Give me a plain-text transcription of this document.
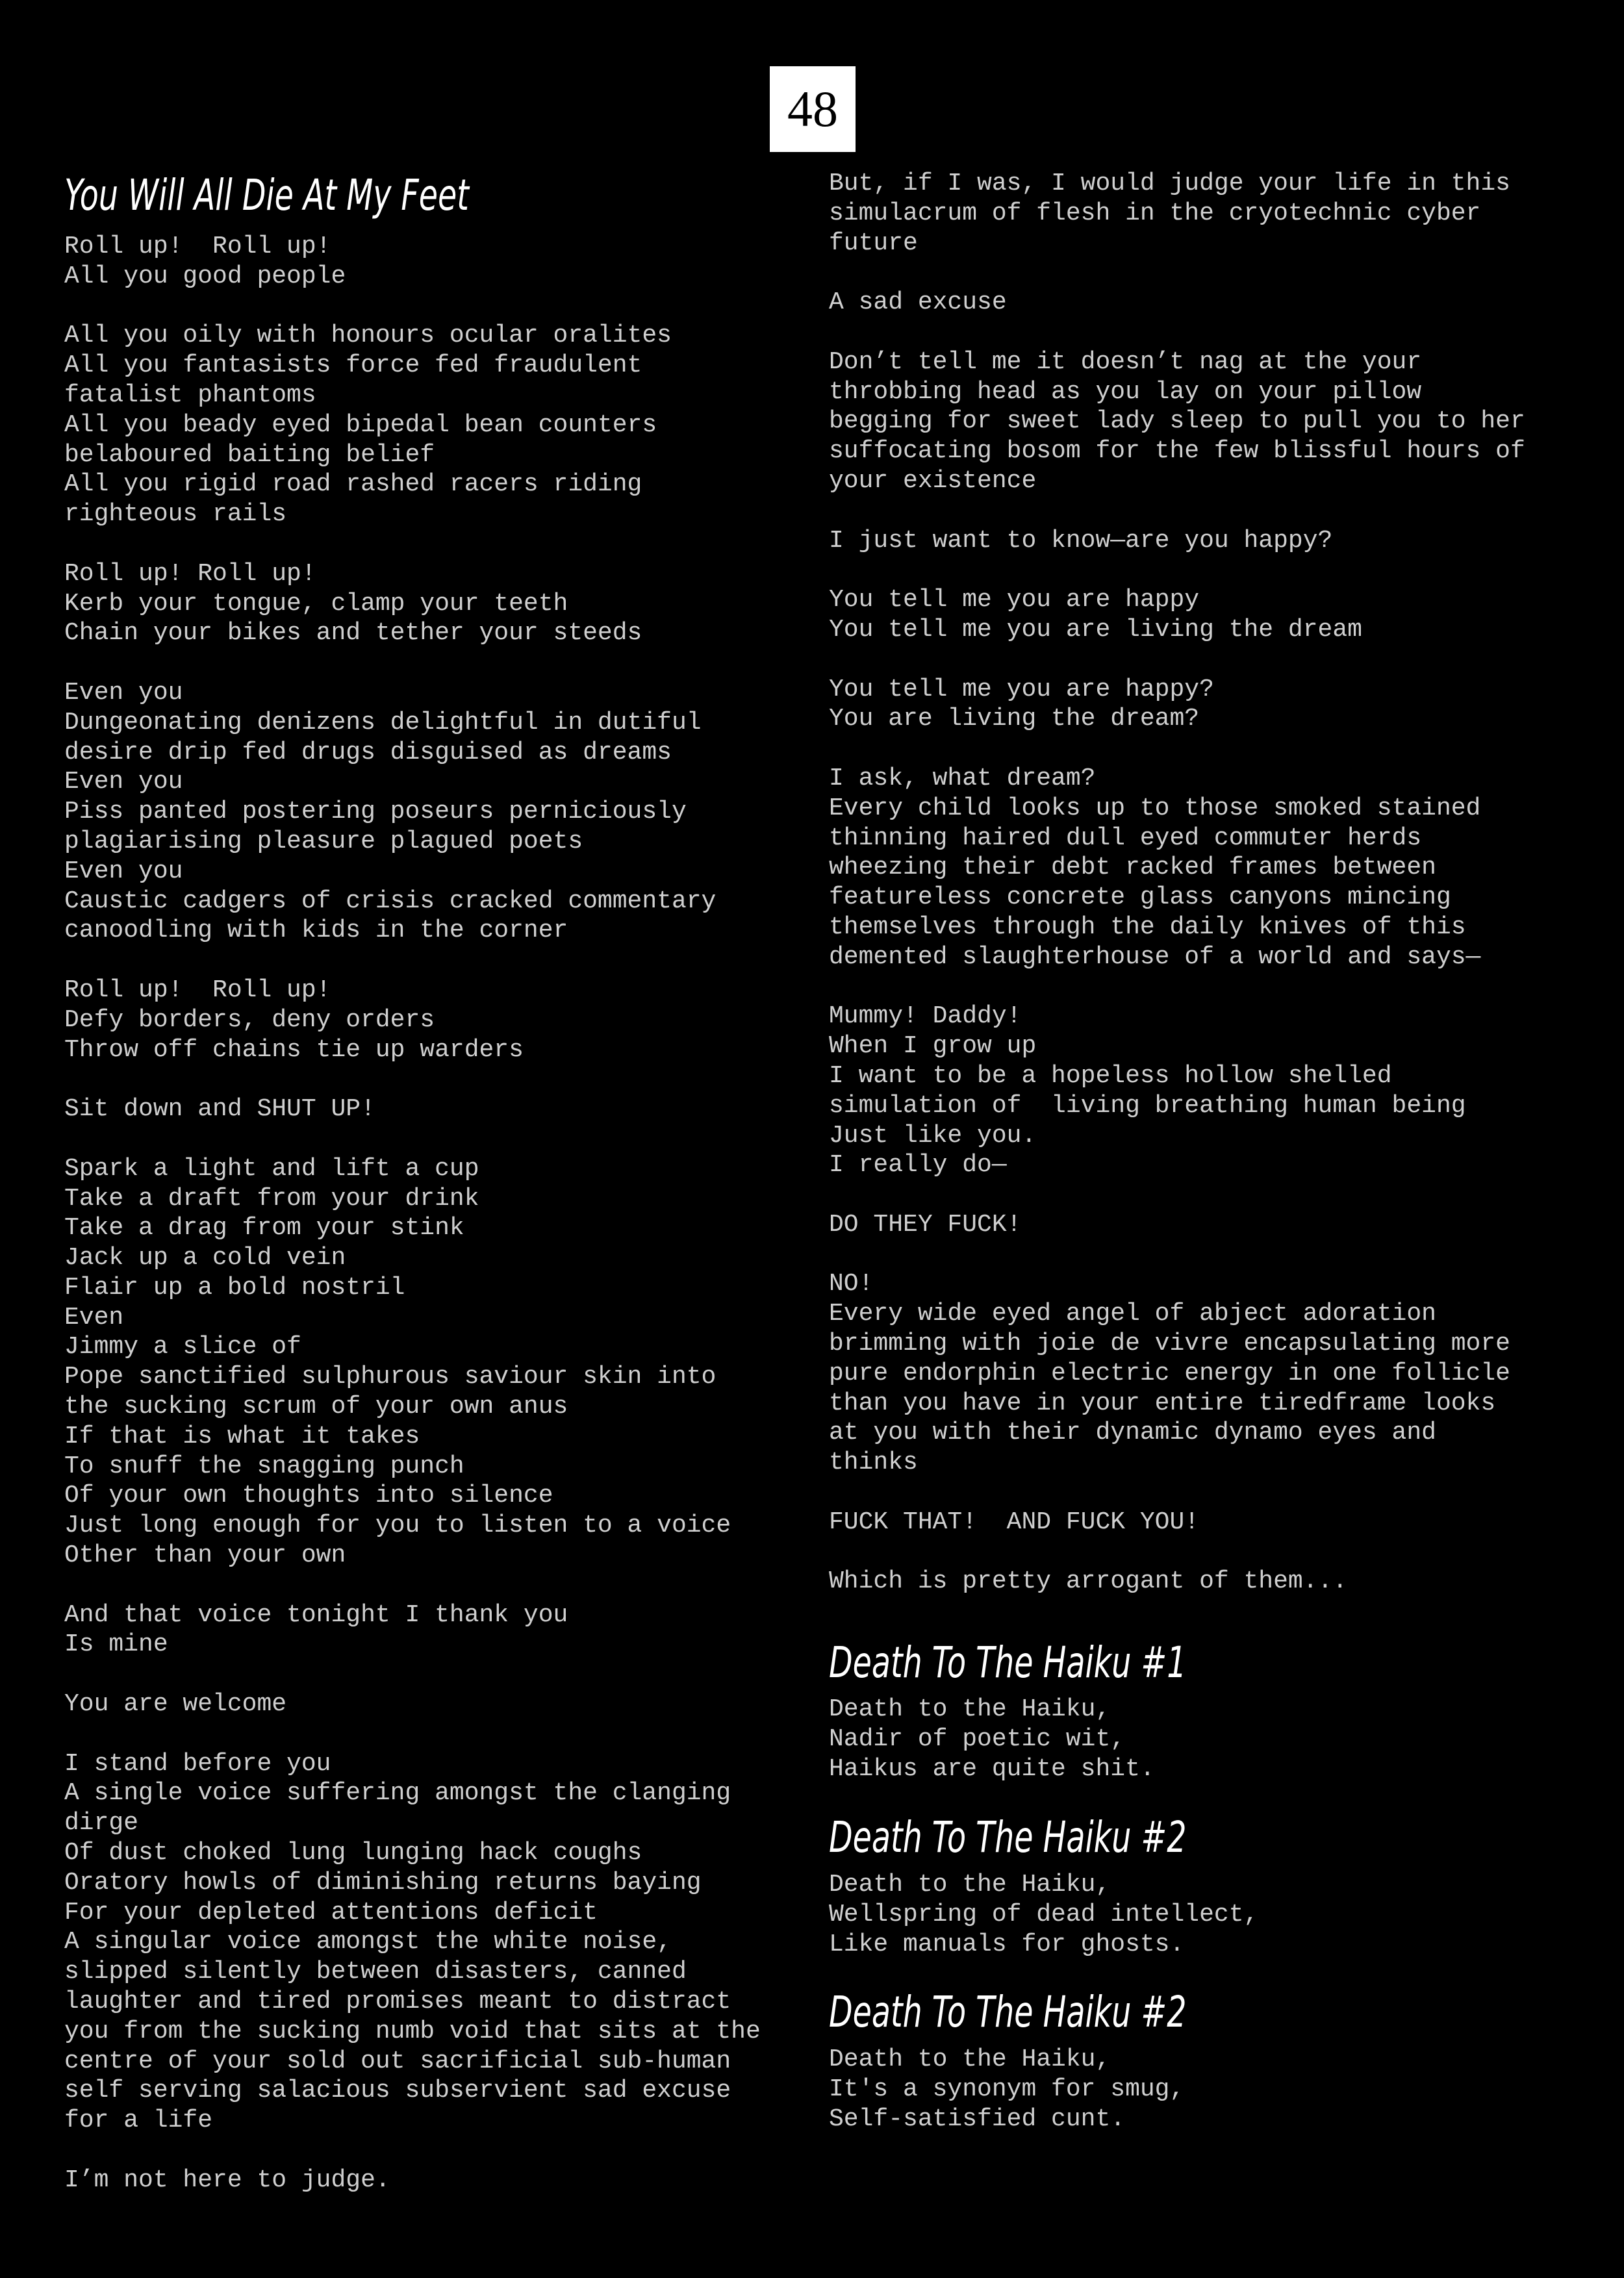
48
You Will All Die At My Feet

Roll up!  Roll up!
All you good people

All you oily with honours ocular oralites
All you fantasists force fed fraudulent
fatalist phantoms
All you beady eyed bipedal bean counters
belaboured baiting belief
All you rigid road rashed racers riding
righteous rails

Roll up! Roll up!
Kerb your tongue, clamp your teeth
Chain your bikes and tether your steeds

Even you
Dungeonating denizens delightful in dutiful
desire drip fed drugs disguised as dreams
Even you
Piss panted postering poseurs perniciously
plagiarising pleasure plagued poets
Even you
Caustic cadgers of crisis cracked commentary
canoodling with kids in the corner

Roll up!  Roll up!
Defy borders, deny orders
Throw off chains tie up warders

Sit down and SHUT UP!

Spark a light and lift a cup
Take a draft from your drink
Take a drag from your stink
Jack up a cold vein
Flair up a bold nostril
Even
Jimmy a slice of
Pope sanctified sulphurous saviour skin into
the sucking scrum of your own anus
If that is what it takes
To snuff the snagging punch
Of your own thoughts into silence
Just long enough for you to listen to a voice
Other than your own

And that voice tonight I thank you
Is mine

You are welcome

I stand before you
A single voice suffering amongst the clanging
dirge
Of dust choked lung lunging hack coughs
Oratory howls of diminishing returns baying
For your depleted attentions deficit
A singular voice amongst the white noise,
slipped silently between disasters, canned
laughter and tired promises meant to distract
you from the sucking numb void that sits at the
centre of your sold out sacrificial sub-human
self serving salacious subservient sad excuse
for a life

I’m not here to judge.

But, if I was, I would judge your life in this
simulacrum of flesh in the cryotechnic cyber
future

A sad excuse

Don’t tell me it doesn’t nag at the your
throbbing head as you lay on your pillow
begging for sweet lady sleep to pull you to her
suffocating bosom for the few blissful hours of
your existence

I just want to know—are you happy?

You tell me you are happy
You tell me you are living the dream

You tell me you are happy?
You are living the dream?

I ask, what dream?
Every child looks up to those smoked stained
thinning haired dull eyed commuter herds
wheezing their debt racked frames between
featureless concrete glass canyons mincing
themselves through the daily knives of this
demented slaughterhouse of a world and says—

Mummy! Daddy!
When I grow up
I want to be a hopeless hollow shelled
simulation of  living breathing human being
Just like you.
I really do—

DO THEY FUCK!

NO!
Every wide eyed angel of abject adoration
brimming with joie de vivre encapsulating more
pure endorphin electric energy in one follicle
than you have in your entire tiredframe looks
at you with their dynamic dynamo eyes and
thinks

FUCK THAT!  AND FUCK YOU!

Which is pretty arrogant of them...

Death To The Haiku #1

Death to the Haiku,
Nadir of poetic wit,
Haikus are quite shit.

Death To The Haiku #2

Death to the Haiku,
Wellspring of dead intellect,
Like manuals for ghosts.

Death To The Haiku #2

Death to the Haiku,
It's a synonym for smug,
Self-satisfied cunt.
